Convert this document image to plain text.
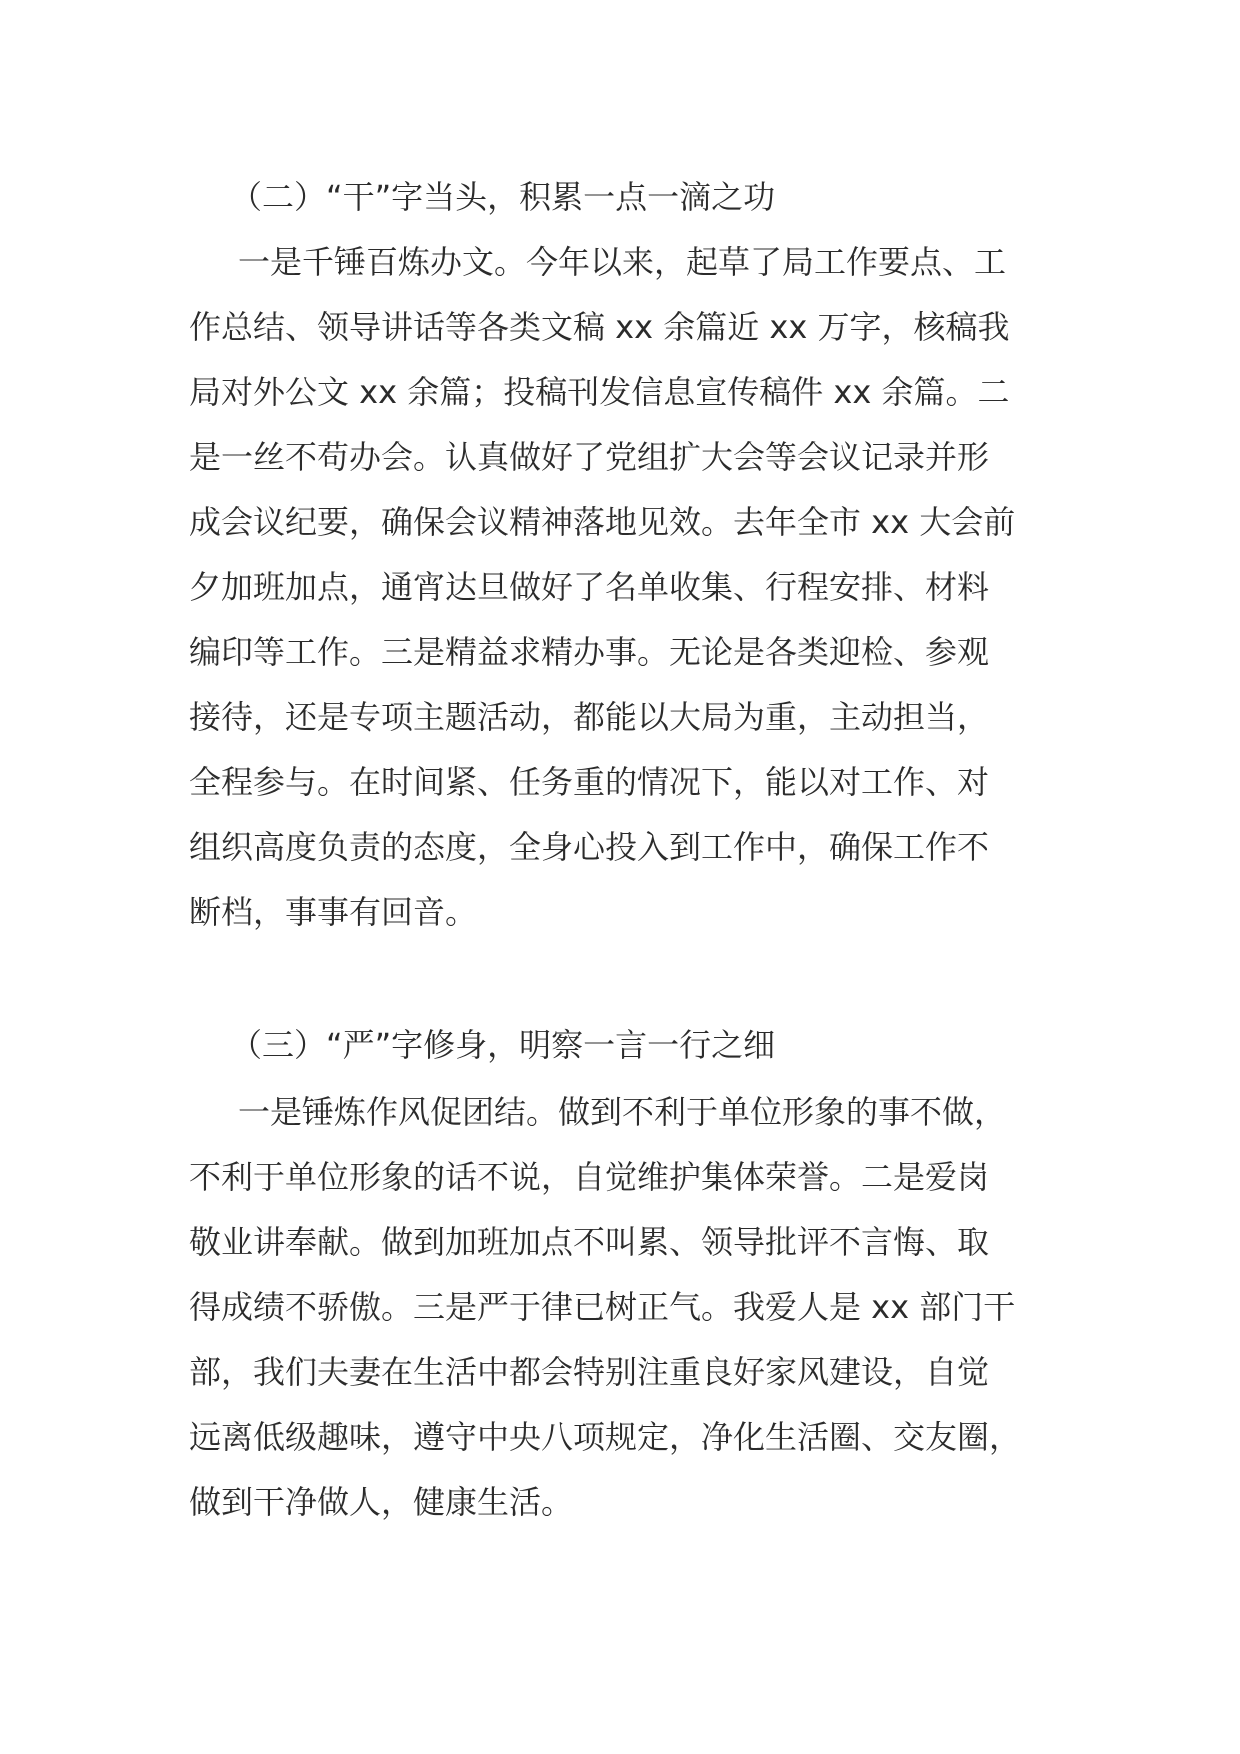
（二）“干”字当头，积累一点一滴之功
一是千锤百炼办文。今年以来，起草了局工作要点、工
作总结、领导讲话等各类文稿 xx 余篇近 xx 万字，核稿我
局对外公文 xx 余篇；投稿刊发信息宣传稿件 xx 余篇。二
是一丝不苟办会。认真做好了党组扩大会等会议记录并形
成会议纪要，确保会议精神落地见效。去年全市 xx 大会前
夕加班加点，通宵达旦做好了名单收集、行程安排、材料
编印等工作。三是精益求精办事。无论是各类迎检、参观
接待，还是专项主题活动，都能以大局为重，主动担当，
全程参与。在时间紧、任务重的情况下，能以对工作、对
组织高度负责的态度，全身心投入到工作中，确保工作不
断档，事事有回音。
（三）“严”字修身，明察一言一行之细
一是锤炼作风促团结。做到不利于单位形象的事不做，
不利于单位形象的话不说，自觉维护集体荣誉。二是爱岗
敬业讲奉献。做到加班加点不叫累、领导批评不言悔、取
得成绩不骄傲。三是严于律已树正气。我爱人是 xx 部门干
部，我们夫妻在生活中都会特别注重良好家风建设，自觉
远离低级趣味，遵守中央八项规定，净化生活圈、交友圈，
做到干净做人，健康生活。
